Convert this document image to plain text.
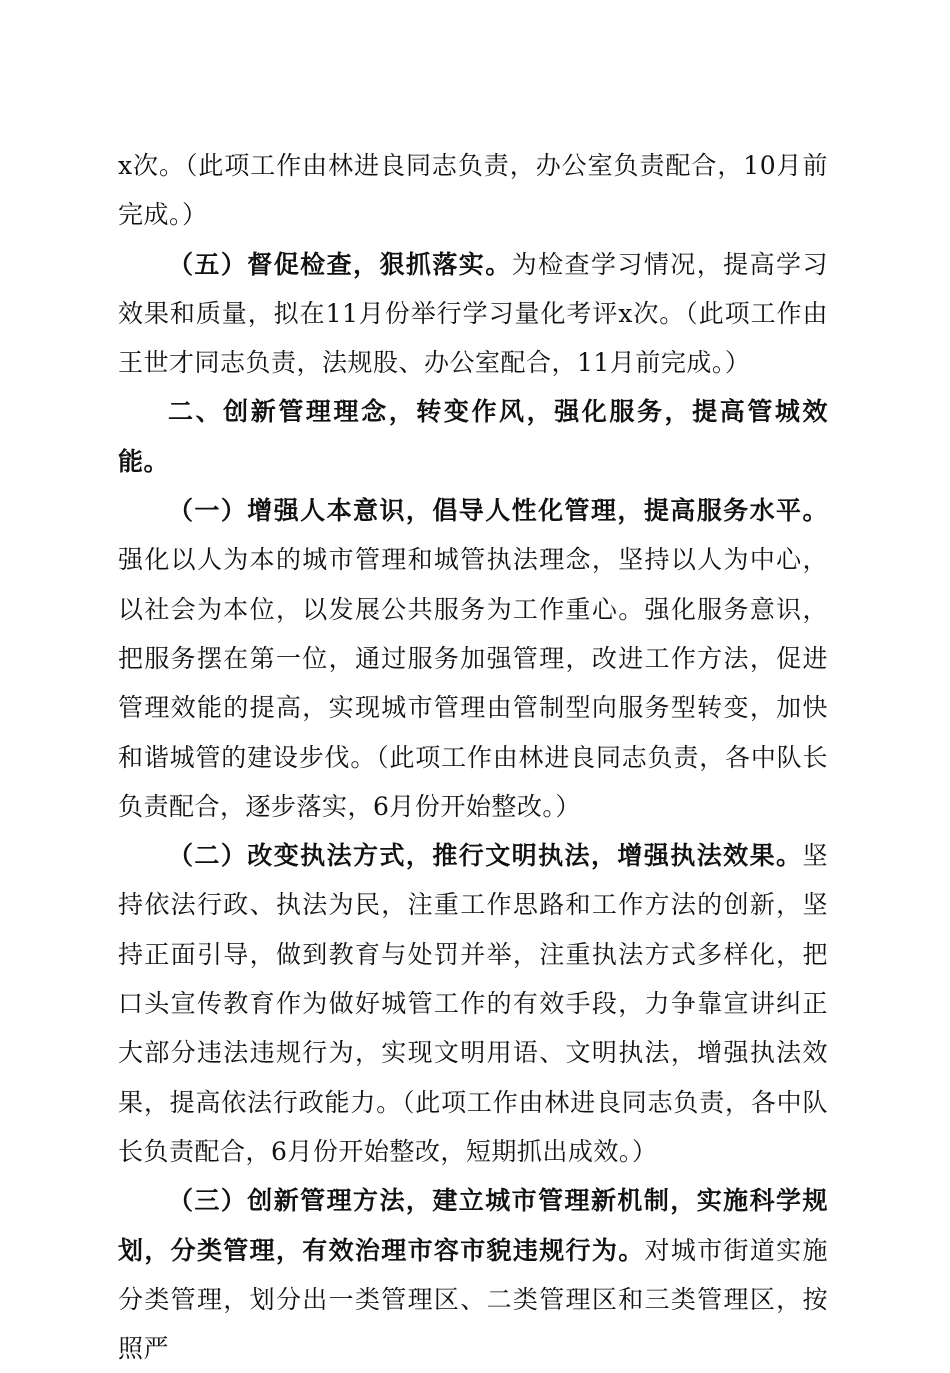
x次。（此项工作由林进良同志负责，办公室负责配合，10月前完成。）

（五）督促检查，狠抓落实。为检查学习情况，提高学习效果和质量，拟在11月份举行学习量化考评x次。（此项工作由王世才同志负责，法规股、办公室配合，11月前完成。）

二、创新管理理念，转变作风，强化服务，提高管城效能。

（一）增强人本意识，倡导人性化管理，提高服务水平。强化以人为本的城市管理和城管执法理念，坚持以人为中心，以社会为本位，以发展公共服务为工作重心。强化服务意识，把服务摆在第一位，通过服务加强管理，改进工作方法，促进管理效能的提高，实现城市管理由管制型向服务型转变，加快和谐城管的建设步伐。（此项工作由林进良同志负责，各中队长负责配合，逐步落实，6月份开始整改。）

（二）改变执法方式，推行文明执法，增强执法效果。坚持依法行政、执法为民，注重工作思路和工作方法的创新，坚持正面引导，做到教育与处罚并举，注重执法方式多样化，把口头宣传教育作为做好城管工作的有效手段，力争靠宣讲纠正大部分违法违规行为，实现文明用语、文明执法，增强执法效果，提高依法行政能力。（此项工作由林进良同志负责，各中队长负责配合，6月份开始整改，短期抓出成效。）

（三）创新管理方法，建立城市管理新机制，实施科学规划，分类管理，有效治理市容市貌违规行为。对城市街道实施分类管理，划分出一类管理区、二类管理区和三类管理区，按照严
